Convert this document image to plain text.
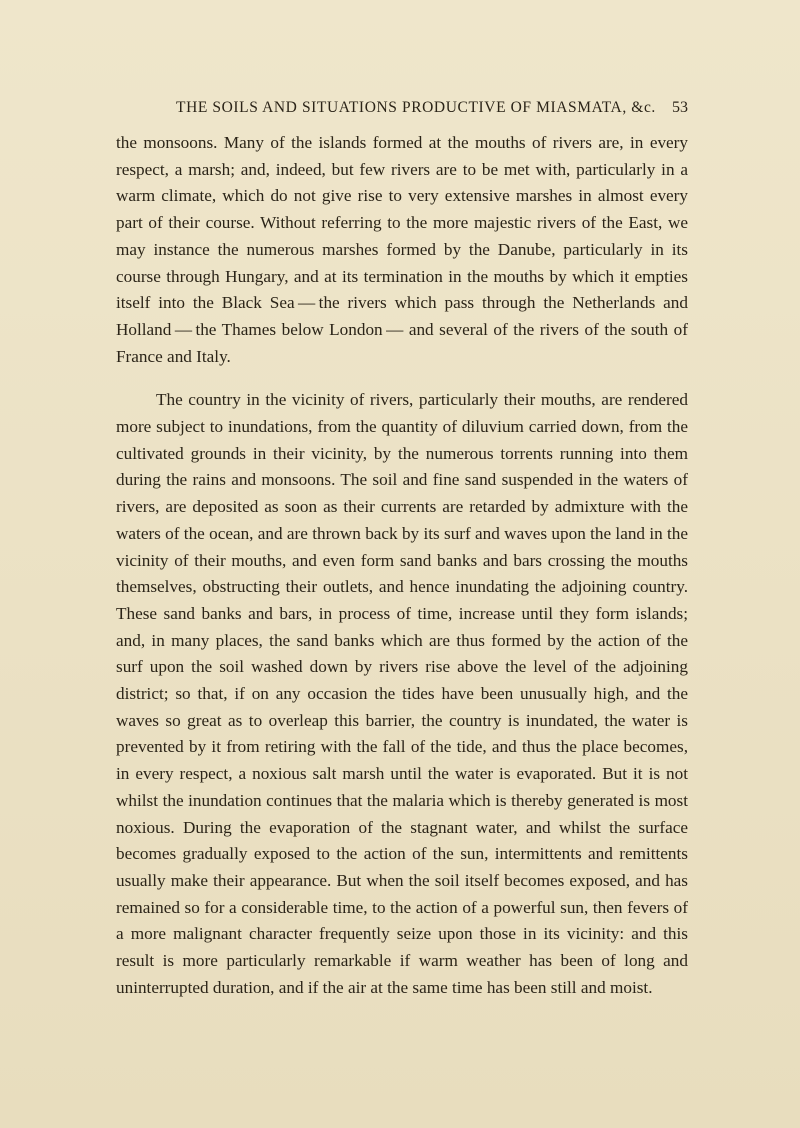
THE SOILS AND SITUATIONS PRODUCTIVE OF MIASMATA, &c. 53

the monsoons. Many of the islands formed at the mouths of rivers are, in every respect, a marsh; and, indeed, but few rivers are to be met with, particularly in a warm climate, which do not give rise to very extensive marshes in almost every part of their course. Without referring to the more majestic rivers of the East, we may instance the numerous marshes formed by the Danube, particularly in its course through Hungary, and at its termination in the mouths by which it empties itself into the Black Sea — the rivers which pass through the Netherlands and Holland — the Thames below London — and several of the rivers of the south of France and Italy.

The country in the vicinity of rivers, particularly their mouths, are rendered more subject to inundations, from the quantity of diluvium carried down, from the cultivated grounds in their vicinity, by the numerous torrents running into them during the rains and monsoons. The soil and fine sand suspended in the waters of rivers, are deposited as soon as their currents are retarded by admixture with the waters of the ocean, and are thrown back by its surf and waves upon the land in the vicinity of their mouths, and even form sand banks and bars crossing the mouths themselves, obstructing their outlets, and hence inundating the adjoining country. These sand banks and bars, in process of time, increase until they form islands; and, in many places, the sand banks which are thus formed by the action of the surf upon the soil washed down by rivers rise above the level of the adjoining district; so that, if on any occasion the tides have been unusually high, and the waves so great as to overleap this barrier, the country is inundated, the water is prevented by it from retiring with the fall of the tide, and thus the place becomes, in every respect, a noxious salt marsh until the water is evaporated. But it is not whilst the inundation continues that the malaria which is thereby generated is most noxious. During the evaporation of the stagnant water, and whilst the surface becomes gradually exposed to the action of the sun, intermittents and remittents usually make their appearance. But when the soil itself becomes exposed, and has remained so for a considerable time, to the action of a powerful sun, then fevers of a more malignant character frequently seize upon those in its vicinity: and this result is more particularly remarkable if warm weather has been of long and uninterrupted duration, and if the air at the same time has been still and moist.
